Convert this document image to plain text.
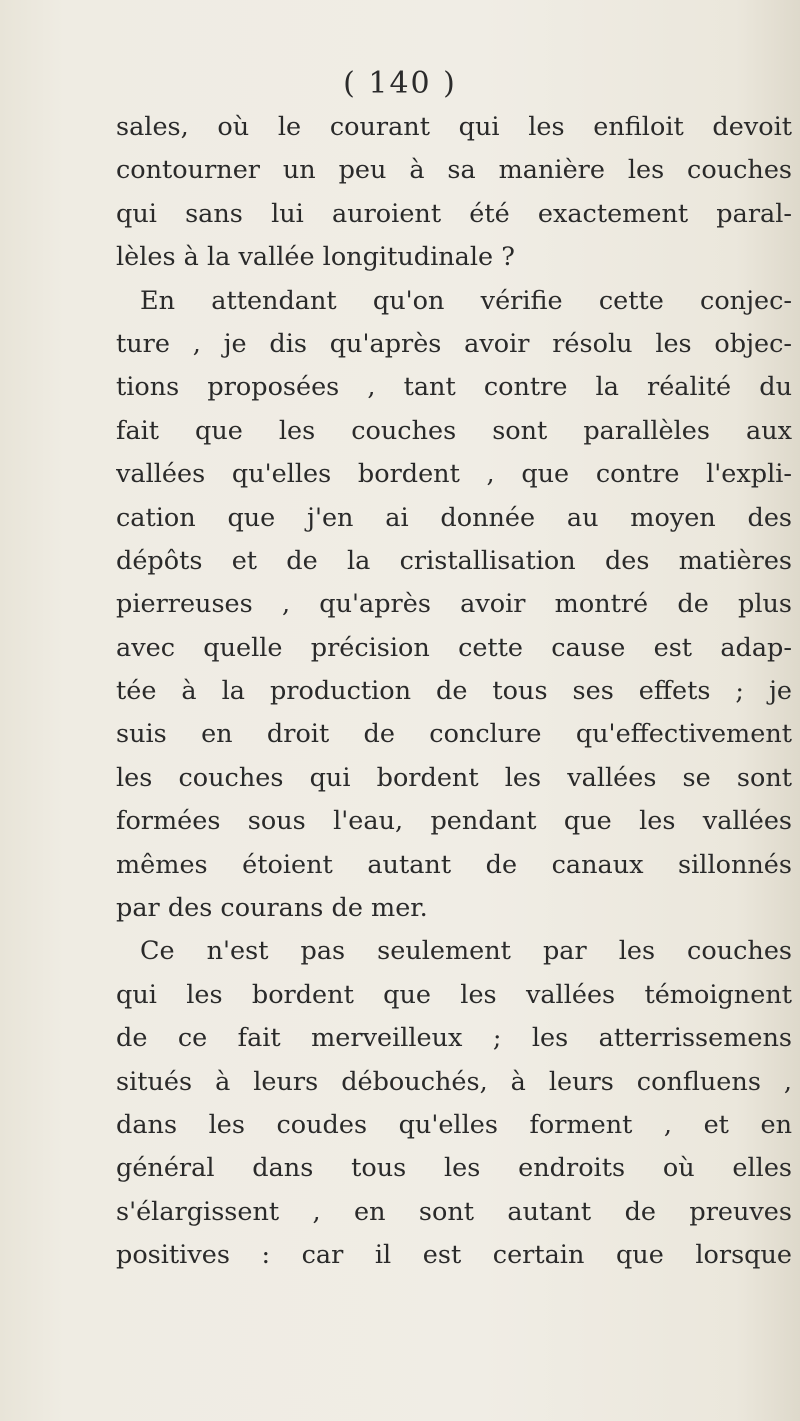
( 140 )
sales, où le courant qui les enfiloit devoit
contourner un peu à sa manière les couches
qui sans lui auroient été exactement paral-
lèles à la vallée longitudinale ?
En attendant qu'on vérifie cette conjec-
ture , je dis qu'après avoir résolu les objec-
tions proposées , tant contre la réalité du
fait que les couches sont parallèles aux
vallées qu'elles bordent , que contre l'expli-
cation que j'en ai donnée au moyen des
dépôts et de la cristallisation des matières
pierreuses , qu'après avoir montré de plus
avec quelle précision cette cause est adap-
tée à la production de tous ses effets ; je
suis en droit de conclure qu'effectivement
les couches qui bordent les vallées se sont
formées sous l'eau, pendant que les vallées
mêmes étoient autant de canaux sillonnés
par des courans de mer.
Ce n'est pas seulement par les couches
qui les bordent que les vallées témoignent
de ce fait merveilleux ; les atterrissemens
situés à leurs débouchés, à leurs confluens ,
dans les coudes qu'elles forment , et en
général dans tous les endroits où elles
s'élargissent , en sont autant de preuves
positives : car il est certain que lorsque
